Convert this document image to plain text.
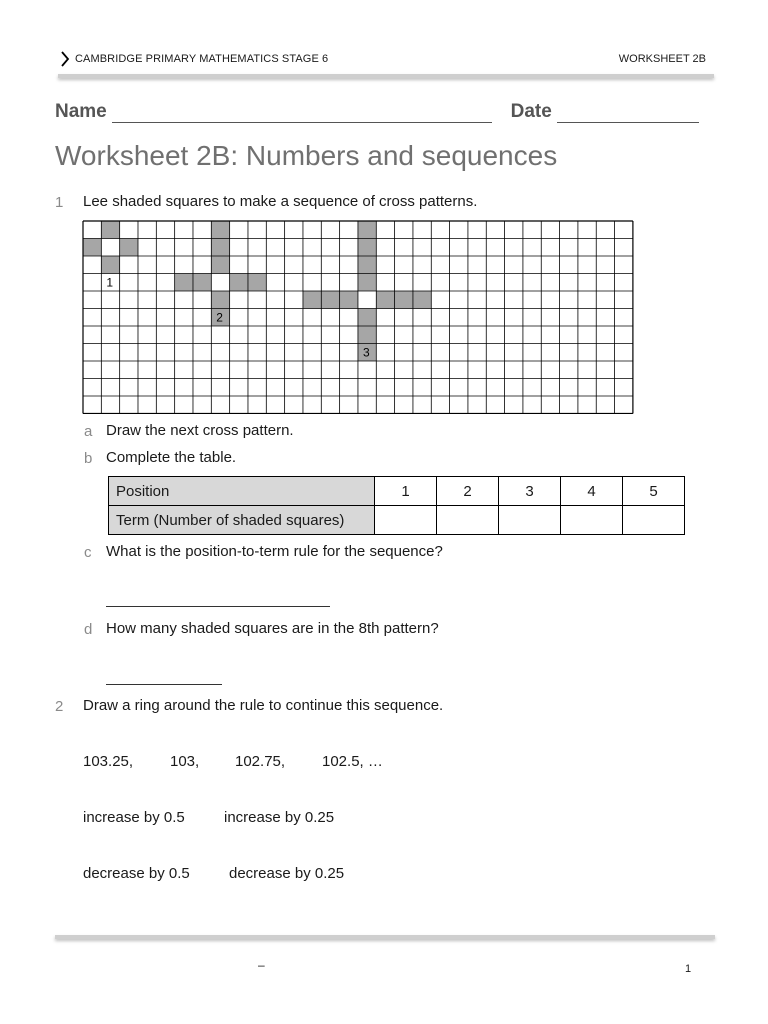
CAMBRIDGE PRIMARY MATHEMATICS STAGE 6	WORKSHEET 2B
Name	Date
Worksheet 2B: Numbers and sequences
1 Lee shaded squares to make a sequence of cross patterns.
1
2
3
a Draw the next cross pattern.
b Complete the table.
Position	1	2	3	4	5
Term (Number of shaded squares)					
c What is the position-to-term rule for the sequence?
d How many shaded squares are in the 8th pattern?
2 Draw a ring around the rule to continue this sequence.
103.25, 103, 102.75, 102.5, …
increase by 0.5	increase by 0.25
decrease by 0.5	decrease by 0.25
–	1
